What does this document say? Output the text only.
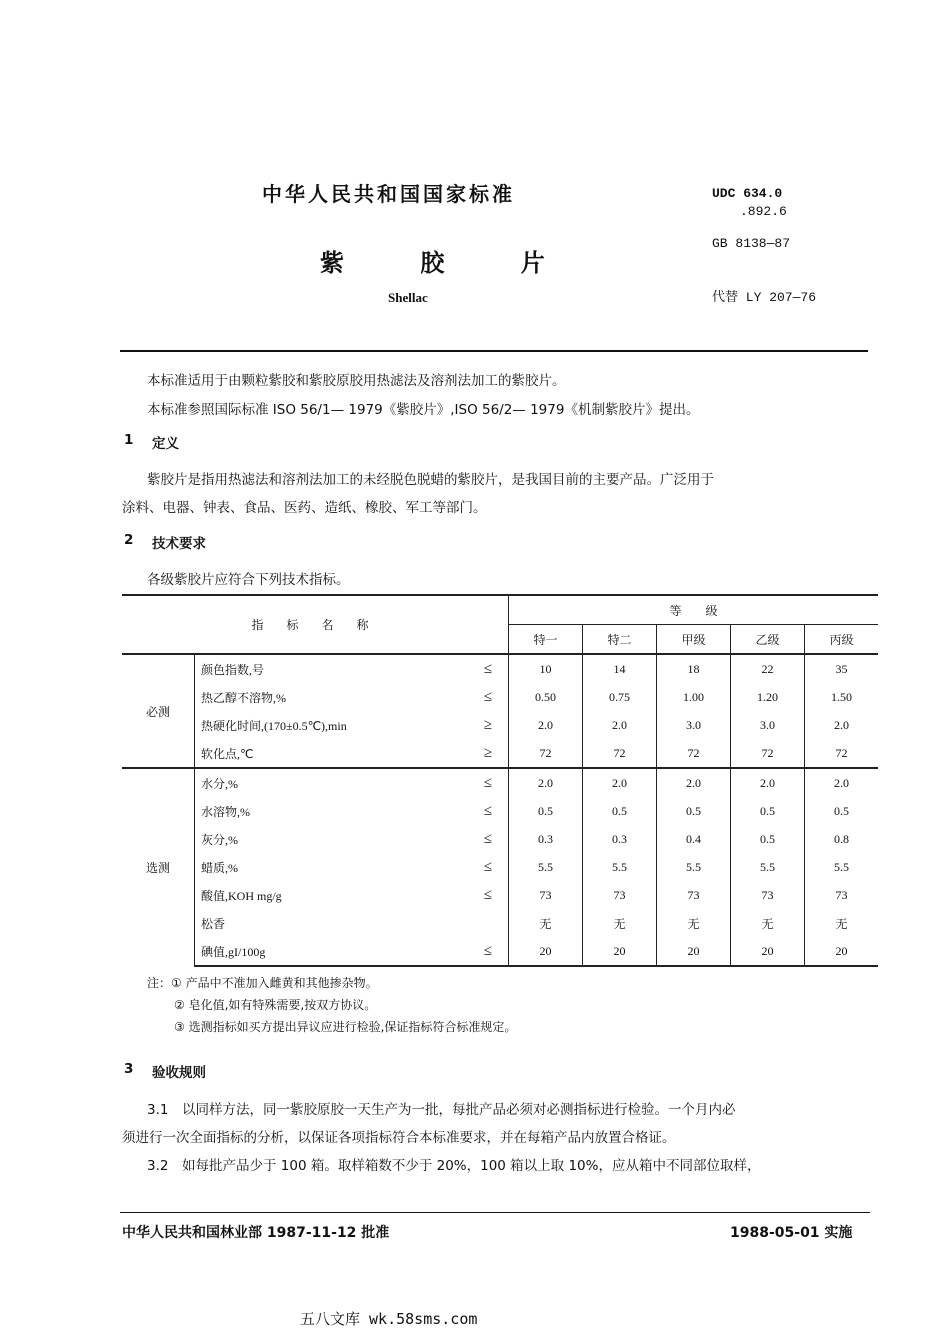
中华人民共和国国家标准
紫 胶 片
Shellac
UDC 634.0
.892.6
GB 8138—87
代替 LY 207—76
本标准适用于由颗粒紫胶和紫胶原胶用热滤法及溶剂法加工的紫胶片。
本标准参照国际标准 ISO 56/1— 1979《紫胶片》,ISO 56/2— 1979《机制紫胶片》提出。
1 定义
紫胶片是指用热滤法和溶剂法加工的未经脱色脱蜡的紫胶片，是我国目前的主要产品。广泛用于
涂料、电器、钟表、食品、医药、造纸、橡胶、军工等部门。
2 技术要求
各级紫胶片应符合下列技术指标。
指 标 名 称			等　　级				
			特一	特二	甲级	乙级	丙级
必测	颜色指数,号	≤	10	14	18	22	35
	热乙醇不溶物,%	≤	0.50	0.75	1.00	1.20	1.50
	热硬化时间,(170±0.5℃),min	≥	2.0	2.0	3.0	3.0	2.0
	软化点,℃	≥	72	72	72	72	72
选测	水分,%	≤	2.0	2.0	2.0	2.0	2.0
	水溶物,%	≤	0.5	0.5	0.5	0.5	0.5
	灰分,%	≤	0.3	0.3	0.4	0.5	0.8
	蜡质,%	≤	5.5	5.5	5.5	5.5	5.5
	酸值,KOH mg/g	≤	73	73	73	73	73
	松香		无	无	无	无	无
	碘值,gI/100g	≤	20	20	20	20	20
注：① 产品中不准加入雌黄和其他掺杂物。
② 皂化值,如有特殊需要,按双方协议。
③ 选测指标如买方提出异议应进行检验,保证指标符合标准规定。
3 验收规则
3.1　以同样方法，同一紫胶原胶一天生产为一批，每批产品必须对必测指标进行检验。一个月内必
须进行一次全面指标的分析，以保证各项指标符合本标准要求，并在每箱产品内放置合格证。
3.2　如每批产品少于 100 箱。取样箱数不少于 20%，100 箱以上取 10%，应从箱中不同部位取样，
中华人民共和国林业部 1987-11-12 批准	1988-05-01 实施
五八文库 wk.58sms.com
